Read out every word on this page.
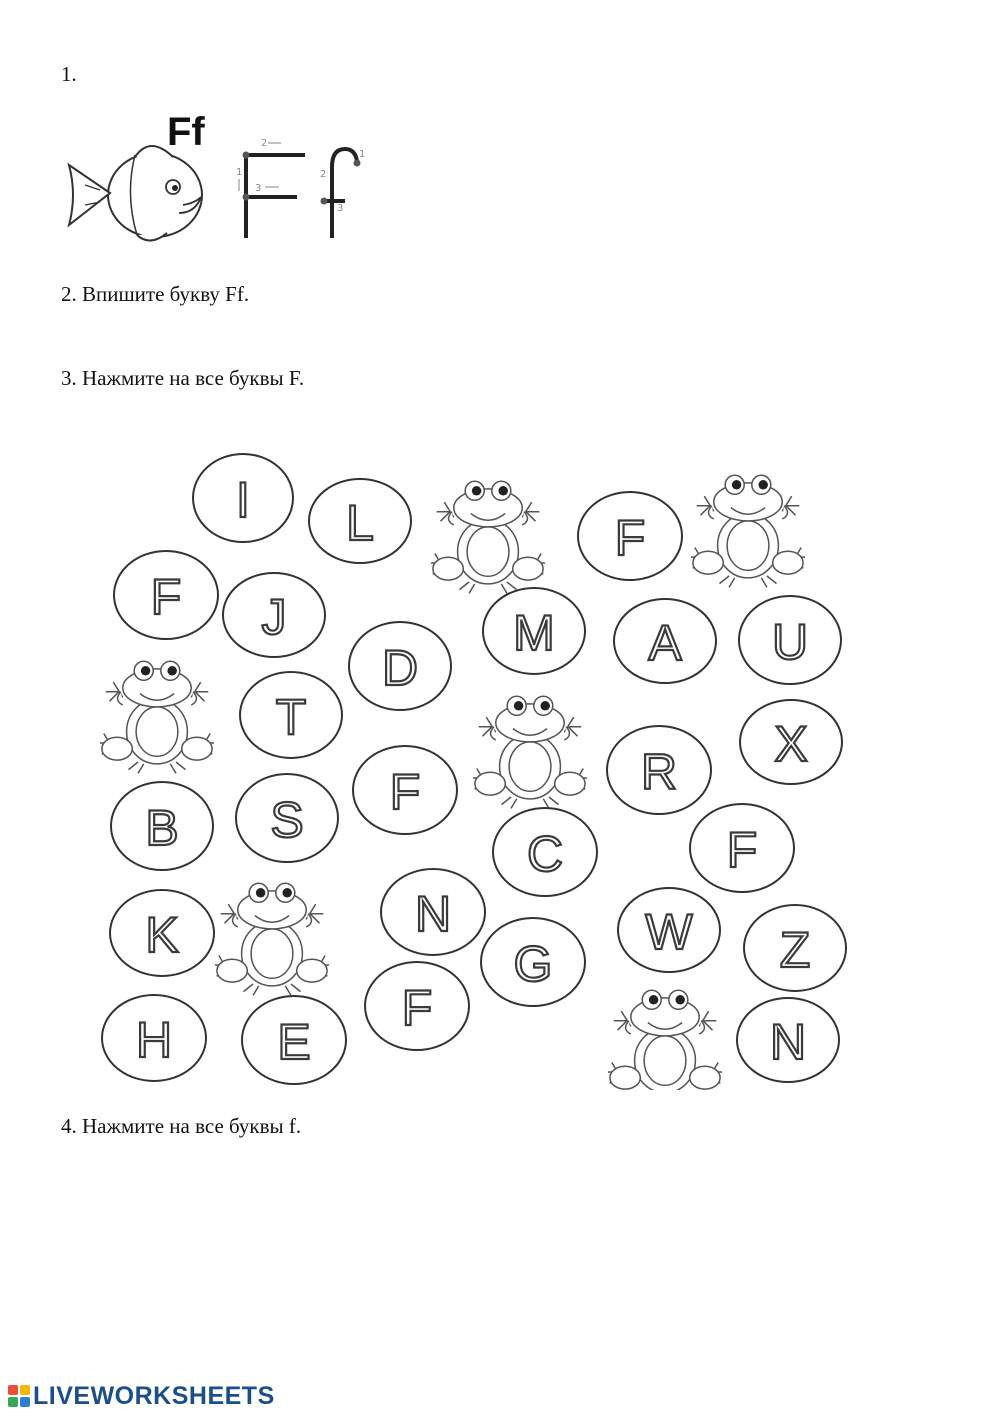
1.

Ff	2
1
3
1
2
3

2. Впишите букву Ff.

3. Нажмите на все буквы F.

I L	F
F J
D
M A U
T
R X
F
B S
C	F
K	N	W Z
G
H E
F
N

4. Нажмите на все буквы f.

LIVEWORKSHEETS
